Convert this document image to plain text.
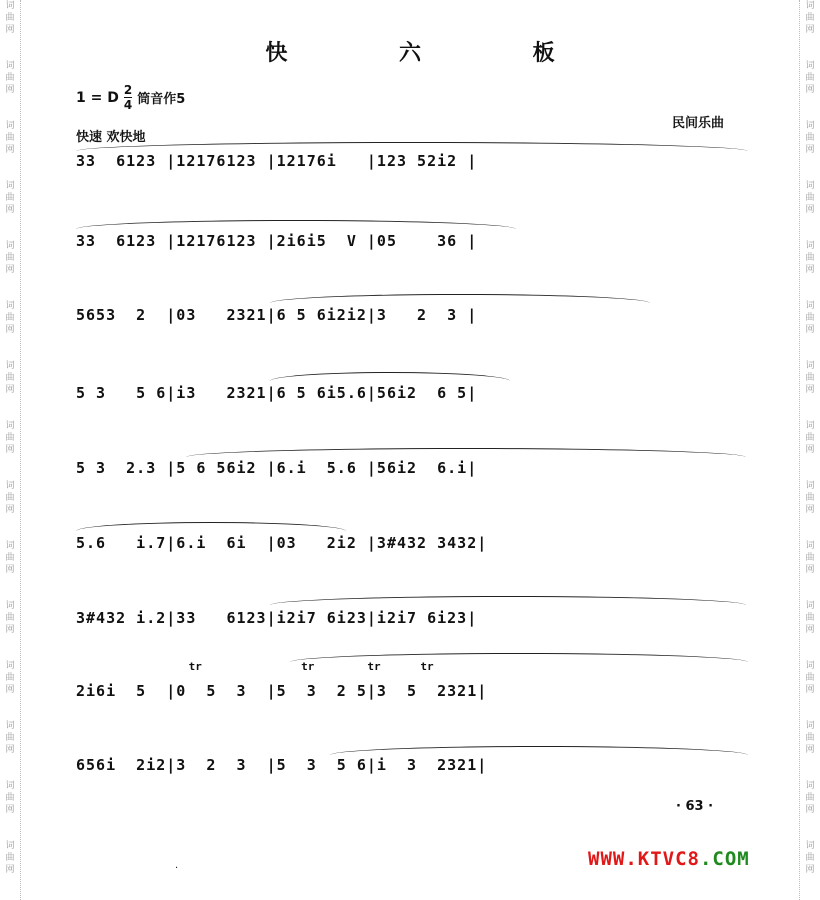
词
曲
网
词
曲
网
词
曲
网
词
曲
网
词
曲
网
词
曲
网
词
曲
网
词
曲
网
词
曲
网
词
曲
网
词
曲
网
词
曲
网
词
曲
网
词
曲
网
词
曲
网
词
曲
网
词
曲
网
词
曲
网
词
曲
网
词
曲
网
词
曲
网
词
曲
网
词
曲
网
词
曲
网
词
曲
网
词
曲
网
词
曲
网
词
曲
网
词
曲
网
词
曲
网
快 六 板
1 = D $\frac{2}{4}$ 筒音作5
民间乐曲
快速 欢快地
33  6123 |12176123 |12176i   |123 52i2 |
33  6123 |12176123 |2i6i5  V |05    36 |
5653  2  |03   2321|6 5 6i2i2|3   2  3 |
5 3   5 6|i3   2321|6 5 6i5.6|56i2  6 5|
5 3  2.3 |5 6 56i2 |6.i  5.6 |56i2  6.i|
5.6   i.7|6.i  6i  |03   2i2 |3#432 3432|
3#432 i.2|33   6123|i2i7 6i23|i2i7 6i23|
tr               tr        tr      tr
2i6i  5  |0  5  3  |5  3  2 5|3  5  2321|
656i  2i2|3  2  3  |5  3  5 6|i  3  2321|
· 63 ·
.	WWW.KTVC8.COM
